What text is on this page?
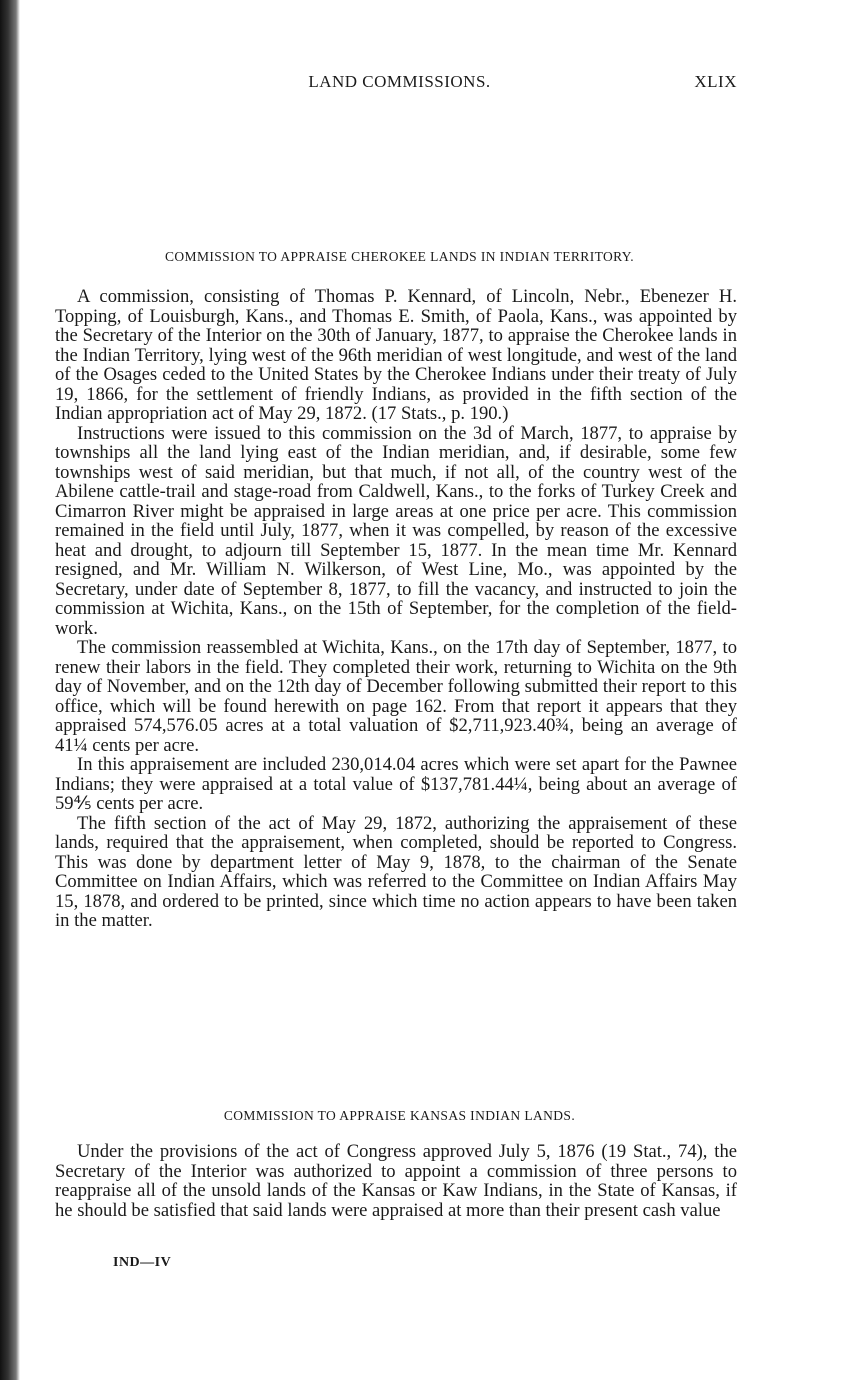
LAND COMMISSIONS.	XLIX
COMMISSION TO APPRAISE CHEROKEE LANDS IN INDIAN TERRITORY.

A commission, consisting of Thomas P. Kennard, of Lincoln, Nebr., Ebenezer H. Topping, of Louisburgh, Kans., and Thomas E. Smith, of Paola, Kans., was appointed by the Secretary of the Interior on the 30th of January, 1877, to appraise the Cherokee lands in the Indian Territory, lying west of the 96th meridian of west longitude, and west of the land of the Osages ceded to the United States by the Cherokee Indians under their treaty of July 19, 1866, for the settlement of friendly Indians, as provided in the fifth section of the Indian appropriation act of May 29, 1872. (17 Stats., p. 190.)

Instructions were issued to this commission on the 3d of March, 1877, to appraise by townships all the land lying east of the Indian meridian, and, if desirable, some few townships west of said meridian, but that much, if not all, of the country west of the Abilene cattle-trail and stage-road from Caldwell, Kans., to the forks of Turkey Creek and Cimarron River might be appraised in large areas at one price per acre. This commission remained in the field until July, 1877, when it was compelled, by reason of the excessive heat and drought, to adjourn till September 15, 1877. In the mean time Mr. Kennard resigned, and Mr. William N. Wilkerson, of West Line, Mo., was appointed by the Secretary, under date of September 8, 1877, to fill the vacancy, and instructed to join the commission at Wichita, Kans., on the 15th of September, for the completion of the field-work.

The commission reassembled at Wichita, Kans., on the 17th day of September, 1877, to renew their labors in the field. They completed their work, returning to Wichita on the 9th day of November, and on the 12th day of December following submitted their report to this office, which will be found herewith on page 162. From that report it appears that they appraised 574,576.05 acres at a total valuation of $2,711,923.40¾, being an average of 41¼ cents per acre.

In this appraisement are included 230,014.04 acres which were set apart for the Pawnee Indians; they were appraised at a total value of $137,781.44¼, being about an average of 59⅘ cents per acre.

The fifth section of the act of May 29, 1872, authorizing the appraisement of these lands, required that the appraisement, when completed, should be reported to Congress. This was done by department letter of May 9, 1878, to the chairman of the Senate Committee on Indian Affairs, which was referred to the Committee on Indian Affairs May 15, 1878, and ordered to be printed, since which time no action appears to have been taken in the matter.

COMMISSION TO APPRAISE KANSAS INDIAN LANDS.

Under the provisions of the act of Congress approved July 5, 1876 (19 Stat., 74), the Secretary of the Interior was authorized to appoint a commission of three persons to reappraise all of the unsold lands of the Kansas or Kaw Indians, in the State of Kansas, if he should be satisfied that said lands were appraised at more than their present cash value

IND—IV
